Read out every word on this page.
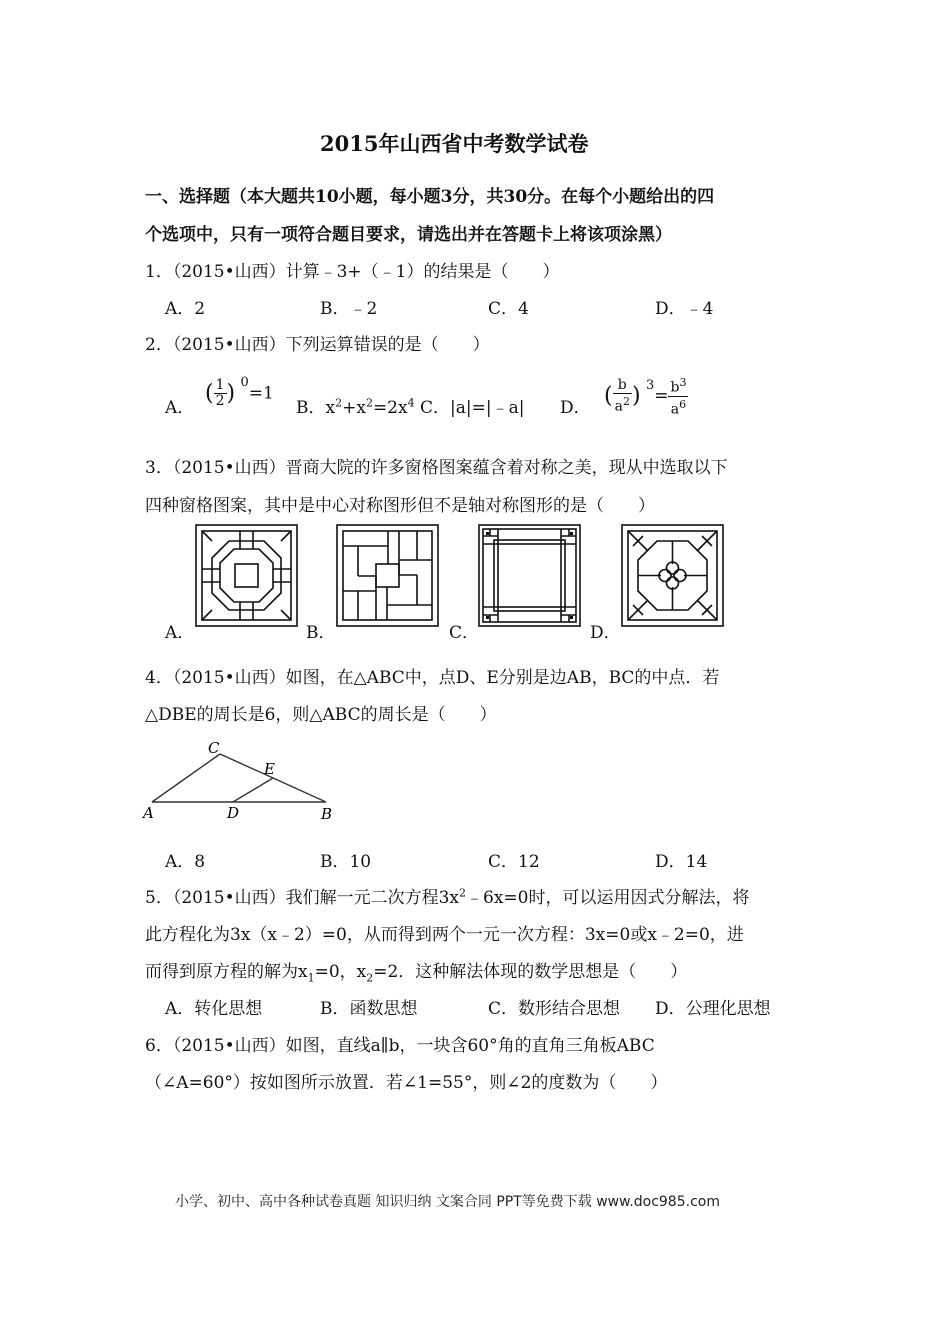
2015年山西省中考数学试卷
一、选择题（本大题共10小题，每小题3分，共30分。在每个小题给出的四
个选项中，只有一项符合题目要求，请选出并在答题卡上将该项涂黑）
1．（2015•山西）计算﹣3+（﹣1）的结果是（　　）
A．2	B．﹣2	C．4	D．﹣4
2．（2015•山西）下列运算错误的是（　　）
A．
( $\frac{1}{2}$ ) $^0$=1
B．$x^2+x^2=2x^4$ C．|a|=|﹣a| D． ( $\frac{b}{a^2}$ ) $^3= \frac{b^3}{a^6}$
3．（2015•山西）晋商大院的许多窗格图案蕴含着对称之美，现从中选取以下
四种窗格图案，其中是中心对称图形但不是轴对称图形的是（　　）
A．	B．	C．	D．
4．（2015•山西）如图，在△ABC中，点D、E分别是边AB，BC的中点．若
△DBE的周长是6，则△ABC的周长是（　　）
C
E
A	D	B
A．8	B．10	C．12	D．14
5．（2015•山西）我们解一元二次方程$3x^2﹣6x=0$时，可以运用因式分解法，将
此方程化为3x（x﹣2）=0，从而得到两个一元一次方程：3x=0或x﹣2=0，进
而得到原方程的解为$x_1=0$，$x_2=2$．这种解法体现的数学思想是（　　）
A．转化思想	B．函数思想	C．数形结合思想 D．公理化思想
6．（2015•山西）如图，直线a∥b，一块含60°角的直角三角板ABC
（∠A=60°）按如图所示放置．若∠1=55°，则∠2的度数为（　　）
小学、初中、高中各种试卷真题 知识归纳 文案合同 PPT等免费下载 www.doc985.com
